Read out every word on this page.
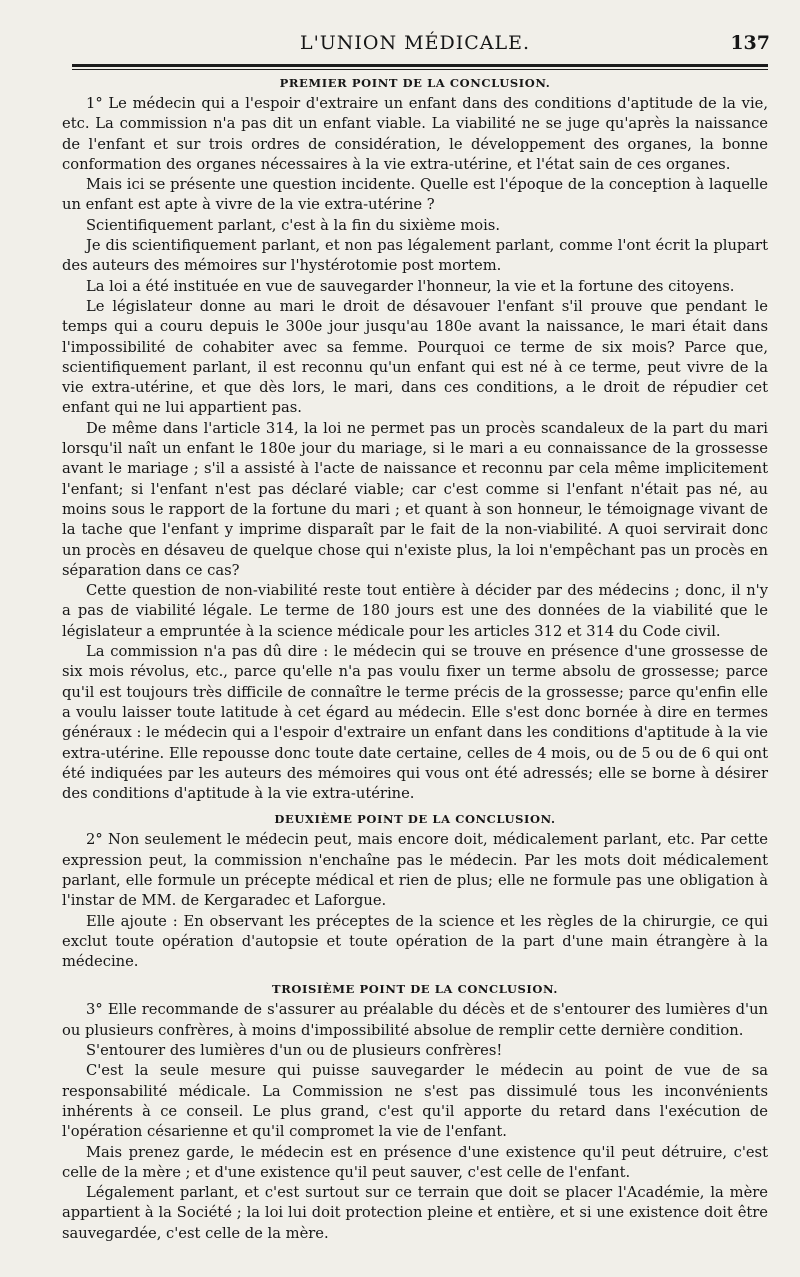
L'UNION MÉDICALE.	137
PREMIER POINT DE LA CONCLUSION.

1° Le médecin qui a l'espoir d'extraire un enfant dans des conditions d'aptitude de la vie, etc. La commission n'a pas dit un enfant viable. La viabilité ne se juge qu'après la naissance de l'enfant et sur trois ordres de considération, le développement des organes, la bonne conformation des organes nécessaires à la vie extra-utérine, et l'état sain de ces organes.

Mais ici se présente une question incidente. Quelle est l'époque de la conception à laquelle un enfant est apte à vivre de la vie extra-utérine ?

Scientifiquement parlant, c'est à la fin du sixième mois.

Je dis scientifiquement parlant, et non pas légalement parlant, comme l'ont écrit la plupart des auteurs des mémoires sur l'hystérotomie post mortem.

La loi a été instituée en vue de sauvegarder l'honneur, la vie et la fortune des citoyens.

Le législateur donne au mari le droit de désavouer l'enfant s'il prouve que pendant le temps qui a couru depuis le 300e jour jusqu'au 180e avant la naissance, le mari était dans l'impossibilité de cohabiter avec sa femme. Pourquoi ce terme de six mois? Parce que, scientifiquement parlant, il est reconnu qu'un enfant qui est né à ce terme, peut vivre de la vie extra-utérine, et que dès lors, le mari, dans ces conditions, a le droit de répudier cet enfant qui ne lui appartient pas.

De même dans l'article 314, la loi ne permet pas un procès scandaleux de la part du mari lorsqu'il naît un enfant le 180e jour du mariage, si le mari a eu connaissance de la grossesse avant le mariage ; s'il a assisté à l'acte de naissance et reconnu par cela même implicitement l'enfant; si l'enfant n'est pas déclaré viable; car c'est comme si l'enfant n'était pas né, au moins sous le rapport de la fortune du mari ; et quant à son honneur, le témoignage vivant de la tache que l'enfant y imprime disparaît par le fait de la non-viabilité. A quoi servirait donc un procès en désaveu de quelque chose qui n'existe plus, la loi n'empêchant pas un procès en séparation dans ce cas?

Cette question de non-viabilité reste tout entière à décider par des médecins ; donc, il n'y a pas de viabilité légale. Le terme de 180 jours est une des données de la viabilité que le législateur a empruntée à la science médicale pour les articles 312 et 314 du Code civil.

La commission n'a pas dû dire : le médecin qui se trouve en présence d'une grossesse de six mois révolus, etc., parce qu'elle n'a pas voulu fixer un terme absolu de grossesse; parce qu'il est toujours très difficile de connaître le terme précis de la grossesse; parce qu'enfin elle a voulu laisser toute latitude à cet égard au médecin. Elle s'est donc bornée à dire en termes généraux : le médecin qui a l'espoir d'extraire un enfant dans les conditions d'aptitude à la vie extra-utérine. Elle repousse donc toute date certaine, celles de 4 mois, ou de 5 ou de 6 qui ont été indiquées par les auteurs des mémoires qui vous ont été adressés; elle se borne à désirer des conditions d'aptitude à la vie extra-utérine.

DEUXIÈME POINT DE LA CONCLUSION.

2° Non seulement le médecin peut, mais encore doit, médicalement parlant, etc. Par cette expression peut, la commission n'enchaîne pas le médecin. Par les mots doit médicalement parlant, elle formule un précepte médical et rien de plus; elle ne formule pas une obligation à l'instar de MM. de Kergaradec et Laforgue.

Elle ajoute : En observant les préceptes de la science et les règles de la chirurgie, ce qui exclut toute opération d'autopsie et toute opération de la part d'une main étrangère à la médecine.

TROISIÈME POINT DE LA CONCLUSION.

3° Elle recommande de s'assurer au préalable du décès et de s'entourer des lumières d'un ou plusieurs confrères, à moins d'impossibilité absolue de remplir cette dernière condition.

S'entourer des lumières d'un ou de plusieurs confrères!

C'est la seule mesure qui puisse sauvegarder le médecin au point de vue de sa responsabilité médicale. La Commission ne s'est pas dissimulé tous les inconvénients inhérents à ce conseil. Le plus grand, c'est qu'il apporte du retard dans l'exécution de l'opération césarienne et qu'il compromet la vie de l'enfant.

Mais prenez garde, le médecin est en présence d'une existence qu'il peut détruire, c'est celle de la mère ; et d'une existence qu'il peut sauver, c'est celle de l'enfant.

Légalement parlant, et c'est surtout sur ce terrain que doit se placer l'Académie, la mère appartient à la Société ; la loi lui doit protection pleine et entière, et si une existence doit être sauvegardée, c'est celle de la mère.
